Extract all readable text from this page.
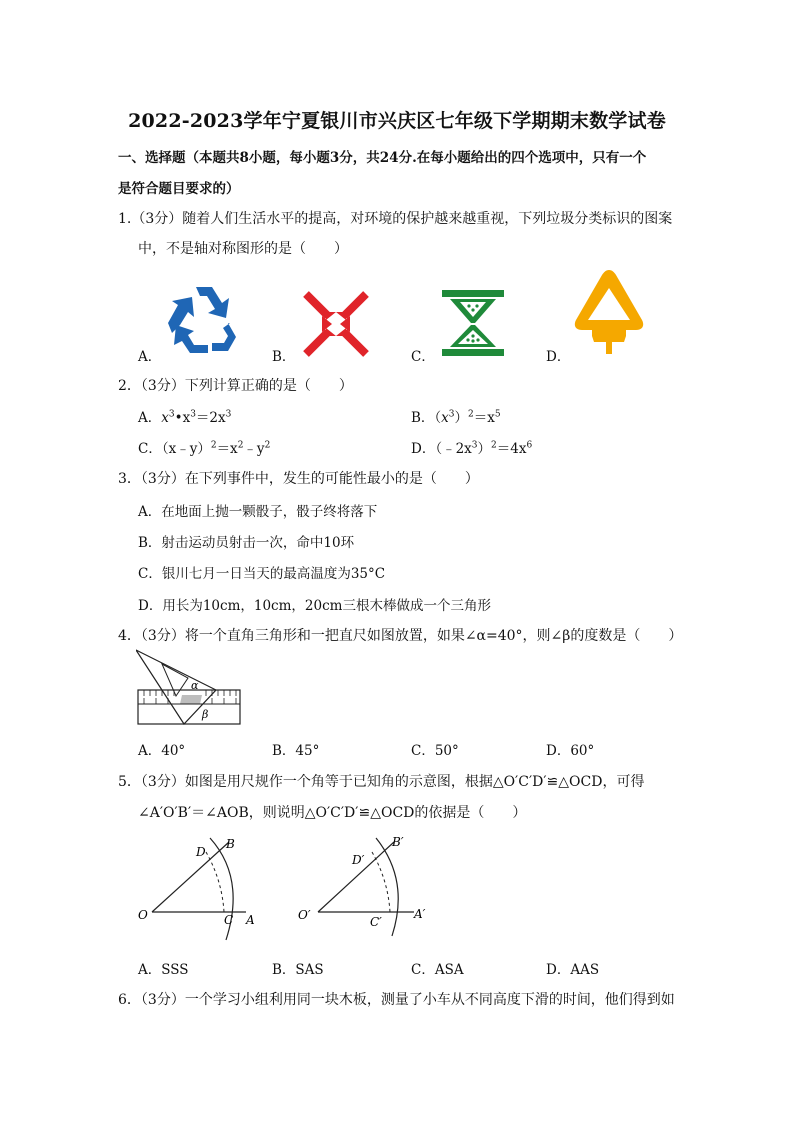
2022-2023学年宁夏银川市兴庆区七年级下学期期末数学试卷
一、选择题（本题共8小题，每小题3分，共24分.在每小题给出的四个选项中，只有一个
是符合题目要求的）
1.（3分）随着人们生活水平的提高，对环境的保护越来越重视，下列垃圾分类标识的图案
中，不是轴对称图形的是（　　）
A．	B．	C．	D．
2．（3分）下列计算正确的是（　　）
A．$x^3•x^3=2x^3$	B．$(x^3)^2=x^5$
C．$(x﹣y)^2=x^2﹣y^2$	D．$(﹣2x^3)^2=4x^6$
3．（3分）在下列事件中，发生的可能性最小的是（　　）
A．在地面上抛一颗骰子，骰子终将落下
B．射击运动员射击一次，命中10环
C．银川七月一日当天的最高温度为35°C
D．用长为10cm，10cm，20cm三根木棒做成一个三角形
4．（3分）将一个直角三角形和一把直尺如图放置，如果∠α=40°，则∠β的度数是（　　）
α
β
A．40°	B．45°	C．50°	D．60°
5．（3分）如图是用尺规作一个角等于已知角的示意图，根据△O′C′D′≌△OCD，可得
∠A′O′B′＝∠AOB，则说明△O′C′D′≌△OCD的依据是（　　）
O	C A
D
B
O′	C′
A′
D′
B′
A．SSS	B．SAS	C．ASA	D．AAS
6．（3分）一个学习小组利用同一块木板，测量了小车从不同高度下滑的时间，他们得到如
